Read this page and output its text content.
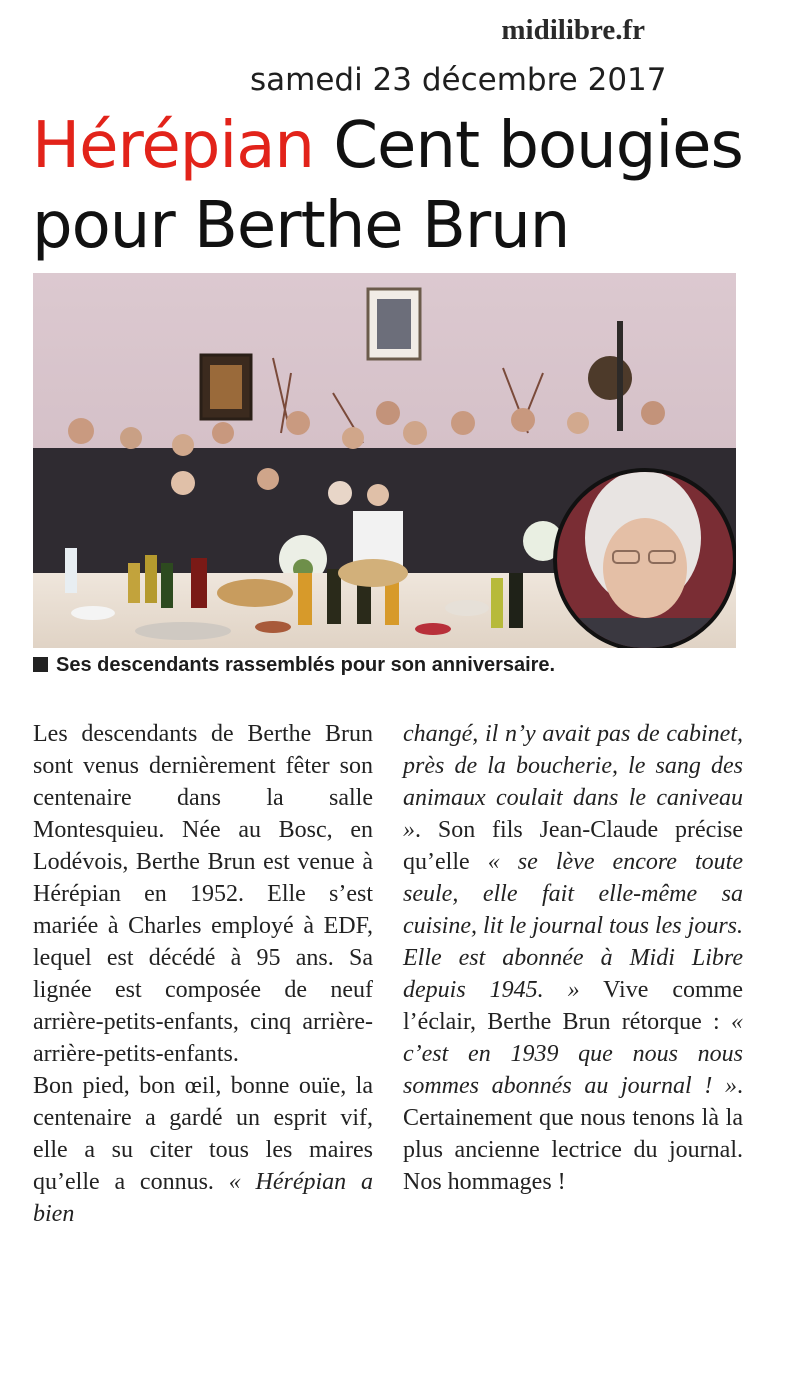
midilibre.fr
samedi 23 décembre 2017
Hérépian Cent bougies pour Berthe Brun
Ses descendants rassemblés pour son anniversaire.

Les descendants de Berthe Brun sont venus dernièrement fêter son centenaire dans la salle Montesquieu. Née au Bosc, en Lodévois, Berthe Brun est venue à Hérépian en 1952. Elle s’est mariée à Charles employé à EDF, lequel est décédé à 95 ans. Sa lignée est composée de neuf arrière-petits-enfants, cinq arrière-arrière-petits-enfants.

Bon pied, bon œil, bonne ouïe, la centenaire a gardé un esprit vif, elle a su citer tous les maires qu’elle a connus. « Hérépian a bien

changé, il n’y avait pas de cabinet, près de la boucherie, le sang des animaux coulait dans le caniveau ». Son fils Jean-Claude précise qu’elle « se lève encore toute seule, elle fait elle-même sa cuisine, lit le journal tous les jours. Elle est abonnée à Midi Libre depuis 1945. » Vive comme l’éclair, Berthe Brun rétorque : « c’est en 1939 que nous nous sommes abonnés au journal ! ». Certainement que nous tenons là la plus ancienne lectrice du journal. Nos hommages !
